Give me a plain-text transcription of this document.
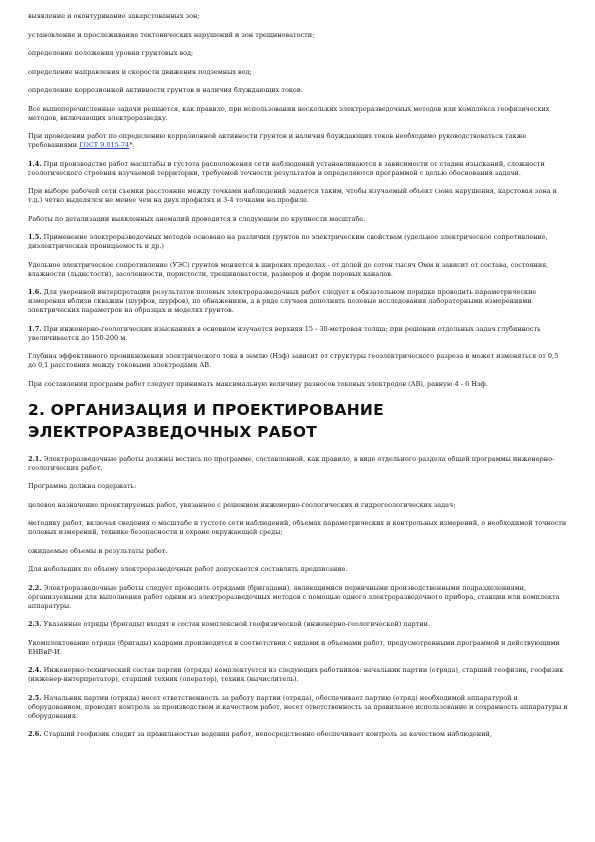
выявление и оконтуривание закарстованных зон;

установление и прослеживание тектонических нарушений и зон трещиноватости;

определение положения уровня грунтовых вод;

определение направления и скорости движения подземных вод;

определение коррозионной активности грунтов и наличия блуждающих токов.

Все вышеперечисленные задачи решаются, как правило, при использовании нескольких электроразведочных методов или комплекса геофизических методов, включающих электроразведку.

При проведении работ по определению коррозионной активности грунтов и наличия блуждающих токов необходимо руководствоваться также требованиями ГОСТ 9.015-74*.

1.4. При производстве работ масштабы и густота расположения сети наблюдений устанавливаются в зависимости от стадии изысканий, сложности геологического строения изучаемой территории, требуемой точности результатов и определяются программой с целью обоснования задачи.

При выборе рабочей сети съемки расстояние между точками наблюдений задается таким, чтобы изучаемый объект (зона нарушения, карстовая зона и т.д.) четко выделялся не менее чем на двух профилях и 3-4 точками на профиле.

Работы по детализации выявленных аномалий проводятся в следующем по крупности масштабе.

1.5. Применение электроразведочных методов основано на различии грунтов по электрическим свойствам (удельное электрическое сопротивление, диэлектрическая проницаемость и др.)

Удельное электрическое сопротивление (УЭС) грунтов меняется в широких пределах - от долей до сотен тысяч Омм и зависит от состава, состояния, влажности (льдистости), засоленности, пористости, трещиноватости, размеров и форм поровых каналов.

1.6. Для уверенной интерпретации результатов полевых электроразведочных работ следует в обязательном порядке проводить параметрические измерения вблизи скважин (шурфов, шурфов), по обнажениям, а в ряде случаев дополнять полевые исследования лабораторными измерениями электрических параметров на образцах и моделях грунтов.

1.7. При инженерно-геологических изысканиях в основном изучается верхняя 15 - 30-метровая толща; при решении отдельных задач глубинность увеличивается до 150-200 м.

Глубина эффективного проникновения электрического тока в землю (Нэф) зависит от структуры геоэлектрического разреза и может изменяться от 0,5 до 0,1 расстояния между токовыми электродами АВ.

При составлении программ работ следует принимать максимальную величину разносов токовых электродов (АВ), равную 4 - 6 Нэф.

2. ОРГАНИЗАЦИЯ И ПРОЕКТИРОВАНИЕ
ЭЛЕКТРОРАЗВЕДОЧНЫХ РАБОТ

2.1. Электроразведочные работы должны вестись по программе, составленной, как правило, в виде отдельного раздела общей программы инженерно-геологических работ.

Программа должна содержать:

целевое назначение проектируемых работ, увязанное с решением инженерно-геологических и гидрогеологических задач;

методику работ, включая сведения о масштабе и густоте сети наблюдений, объемах параметрических и контрольных измерений, о необходимой точности полевых измерений, технике безопасности и охране окружающей среды;

ожидаемые объемы и результаты работ.

Для небольших по объему электроразведочных работ допускается составлять предписание.

2.2. Электроразведочные работы следует проводить отрядами (бригадами), являющимися первичными производственными подразделениями, организуемыми для выполнения работ одним из электроразведочных методов с помощью одного электроразведочного прибора, станции или комплекта аппаратуры.

2.3. Указанные отряды (бригады) входят в состав комплексной геофизической (инженерно-геологической) партии.

Укомплектование отряда (бригады) кадрами производится в соответствии с видами и объемами работ, предусмотренными программой и действующими ЕНВиР-И.

2.4. Инженерно-технический состав партии (отряда) комплектуется из следующих работников: начальник партии (отряда), старший геофизик, геофизик (инженер-интерпретатор), старший техник (оператор), техник (вычислитель).

2.5. Начальник партии (отряда) несет ответственность за работу партии (отряда), обеспечивает партию (отряд) необходимой аппаратурой и оборудованием, проводит контроль за производством и качеством работ, несет ответственность за правильное использование и сохранность аппаратуры и оборудования.

2.6. Старший геофизик следит за правильностью ведения работ, непосредственно обеспечивает контроль за качеством наблюдений,
